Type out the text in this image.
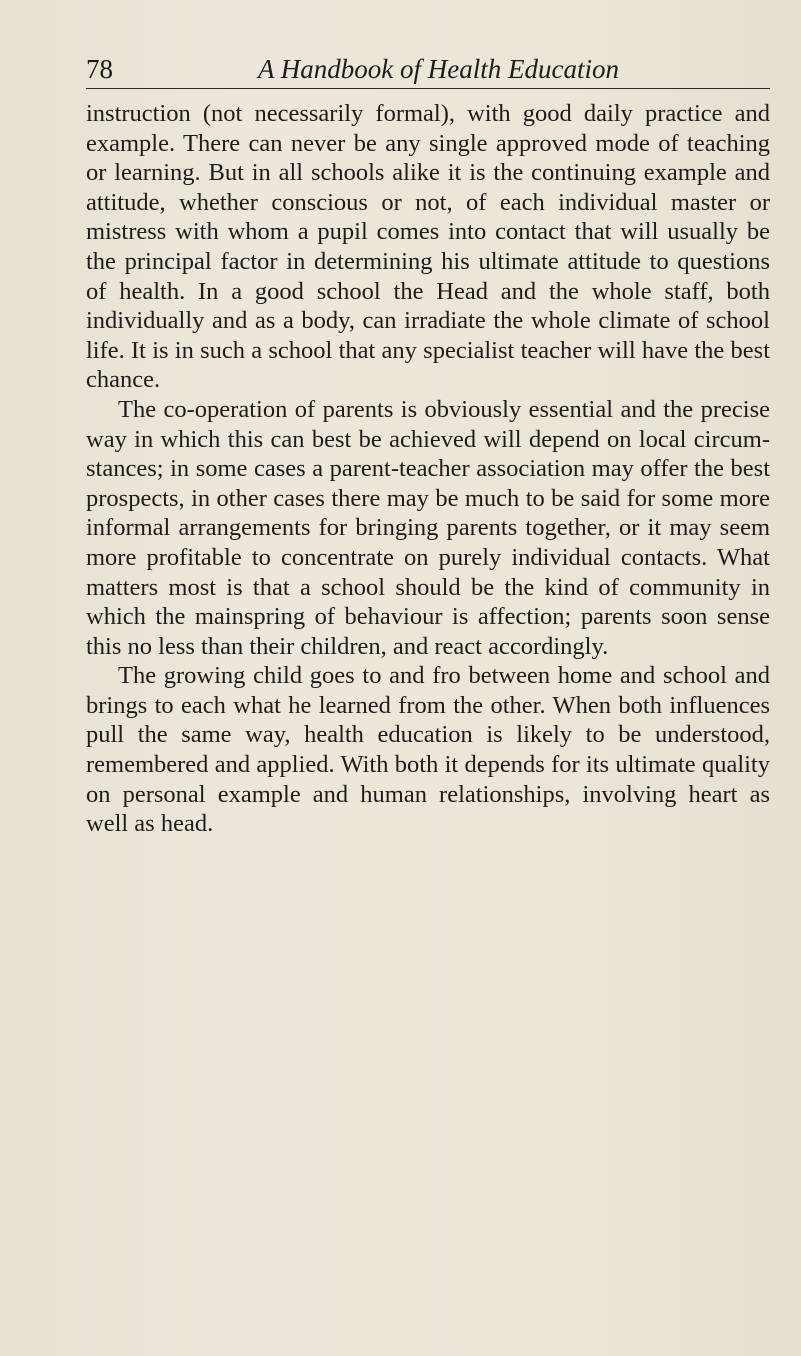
78	A Handbook of Health Education

instruction (not necessarily formal), with good daily practice and example. There can never be any single approved mode of teaching or learning. But in all schools alike it is the continuing example and attitude, whether conscious or not, of each individual master or mistress with whom a pupil comes into contact that will usually be the principal factor in determining his ultimate attitude to questions of health. In a good school the Head and the whole staff, both individually and as a body, can irradiate the whole climate of school life. It is in such a school that any specialist teacher will have the best chance.

The co-operation of parents is obviously essential and the precise way in which this can best be achieved will depend on local circum-stances; in some cases a parent-teacher association may offer the best prospects, in other cases there may be much to be said for some more informal arrangements for bringing parents together, or it may seem more profitable to concentrate on purely individual contacts. What matters most is that a school should be the kind of community in which the mainspring of behaviour is affection; parents soon sense this no less than their children, and react accordingly.

The growing child goes to and fro between home and school and brings to each what he learned from the other. When both influences pull the same way, health education is likely to be understood, remembered and applied. With both it depends for its ultimate quality on personal example and human relationships, involving heart as well as head.
